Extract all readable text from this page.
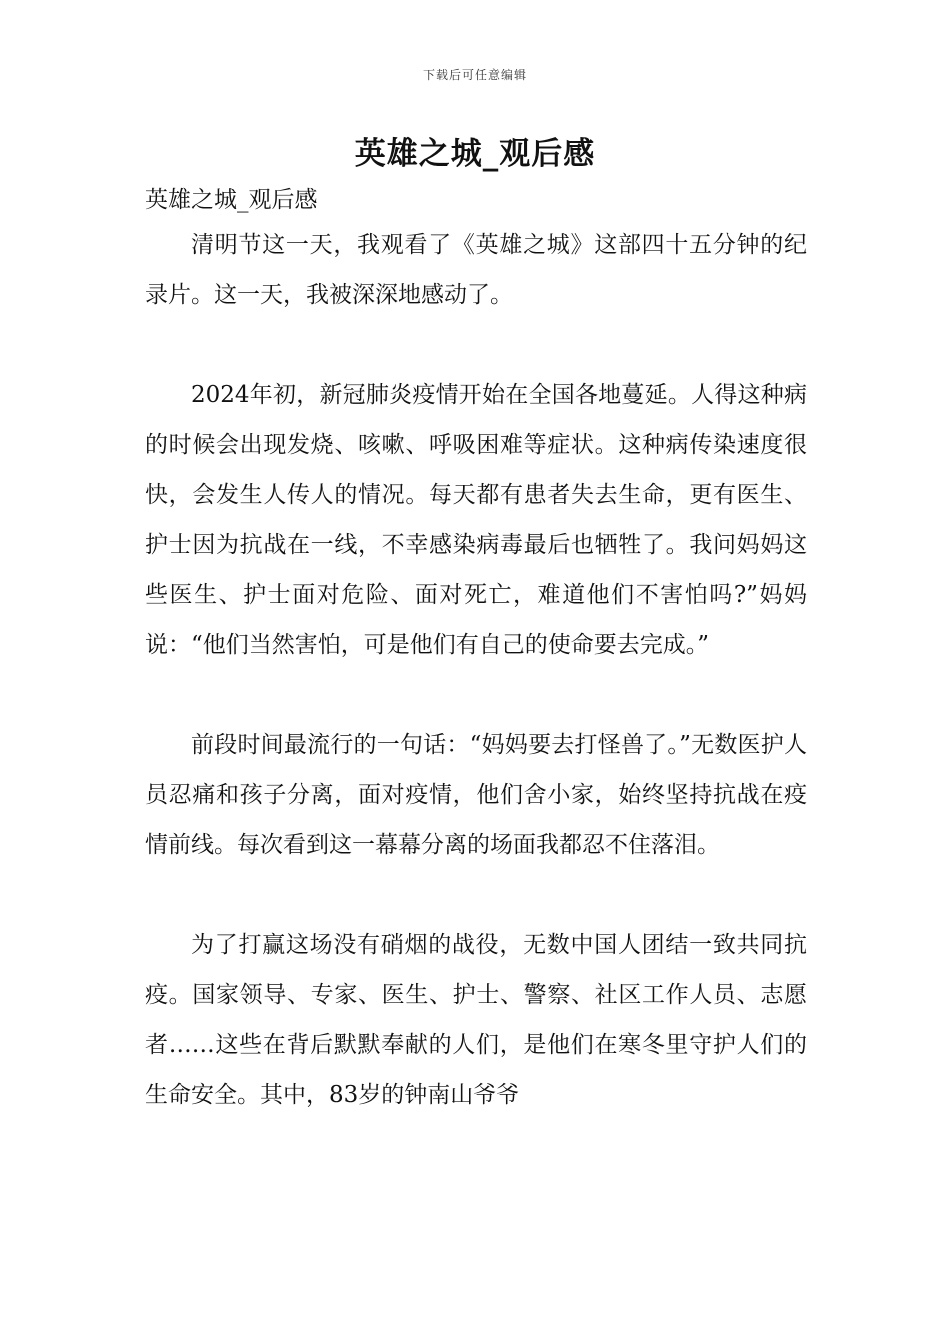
下载后可任意编辑
英雄之城_观后感

英雄之城_观后感

清明节这一天，我观看了《英雄之城》这部四十五分钟的纪录片。这一天，我被深深地感动了。

2024年初，新冠肺炎疫情开始在全国各地蔓延。人得这种病的时候会出现发烧、咳嗽、呼吸困难等症状。这种病传染速度很快，会发生人传人的情况。每天都有患者失去生命，更有医生、护士因为抗战在一线，不幸感染病毒最后也牺牲了。我问妈妈这些医生、护士面对危险、面对死亡，难道他们不害怕吗?”妈妈说：“他们当然害怕，可是他们有自己的使命要去完成。”

前段时间最流行的一句话：“妈妈要去打怪兽了。”无数医护人员忍痛和孩子分离，面对疫情，他们舍小家，始终坚持抗战在疫情前线。每次看到这一幕幕分离的场面我都忍不住落泪。

为了打赢这场没有硝烟的战役，无数中国人团结一致共同抗疫。国家领导、专家、医生、护士、警察、社区工作人员、志愿者……这些在背后默默奉献的人们，是他们在寒冬里守护人们的生命安全。其中，83岁的钟南山爷爷
